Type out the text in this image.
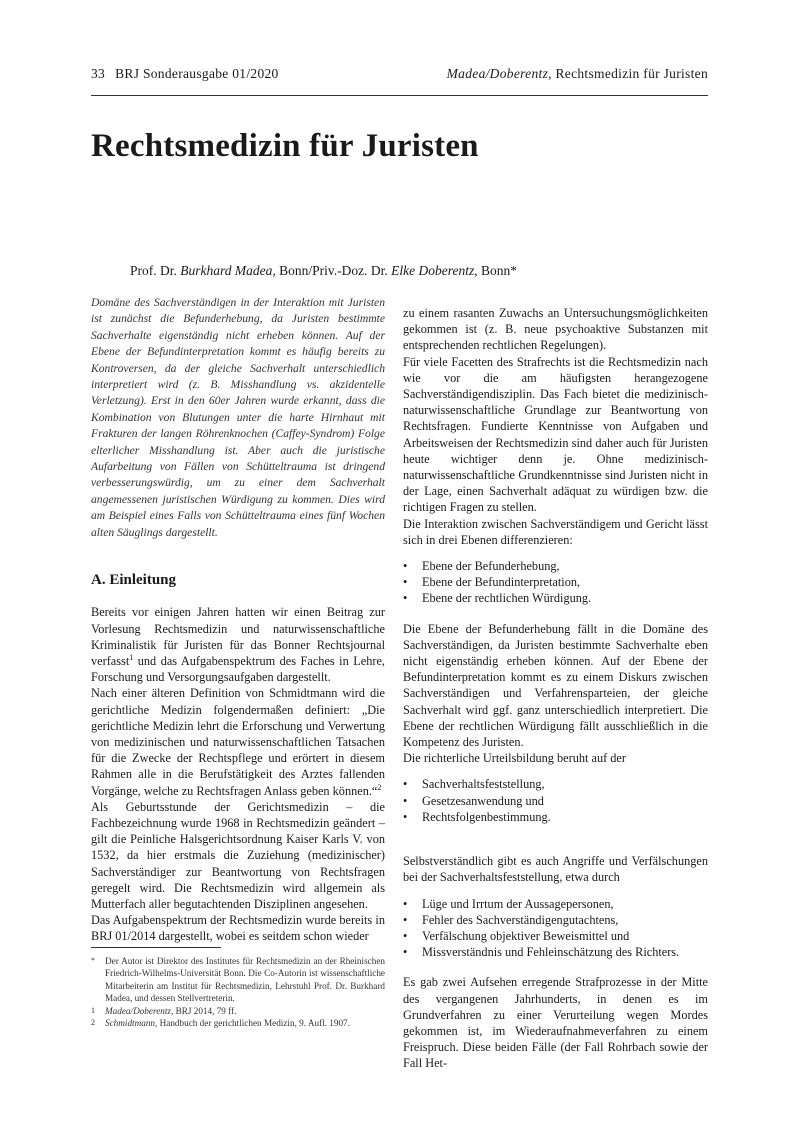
33 BRJ Sonderausgabe 01/2020	Madea/Doberentz, Rechtsmedizin für Juristen
Rechtsmedizin für Juristen
Prof. Dr. Burkhard Madea, Bonn/Priv.-Doz. Dr. Elke Doberentz, Bonn*

Domäne des Sachverständigen in der Interaktion mit Juristen ist zunächst die Befunderhebung, da Juristen bestimmte Sachverhalte eigenständig nicht erheben können. Auf der Ebene der Befundinterpretation kommt es häufig bereits zu Kontroversen, da der gleiche Sachverhalt unterschiedlich interpretiert wird (z. B. Misshandlung vs. akzidentelle Verletzung). Erst in den 60er Jahren wurde erkannt, dass die Kombination von Blutungen unter die harte Hirnhaut mit Frakturen der langen Röhrenknochen (Caffey-Syndrom) Folge elterlicher Misshandlung ist. Aber auch die juristische Aufarbeitung von Fällen von Schütteltrauma ist dringend verbesserungswürdig, um zu einer dem Sachverhalt angemessenen juristischen Würdigung zu kommen. Dies wird am Beispiel eines Falls von Schütteltrauma eines fünf Wochen alten Säuglings dargestellt.

A. Einleitung

Bereits vor einigen Jahren hatten wir einen Beitrag zur Vorlesung Rechtsmedizin und naturwissenschaftliche Kriminalistik für Juristen für das Bonner Rechtsjournal verfasst$^1$ und das Aufgabenspektrum des Faches in Lehre, Forschung und Versorgungsaufgaben dargestellt.

Nach einer älteren Definition von Schmidtmann wird die gerichtliche Medizin folgendermaßen definiert: „Die gerichtliche Medizin lehrt die Erforschung und Verwertung von medizinischen und naturwissenschaftlichen Tatsachen für die Zwecke der Rechtspflege und erörtert in diesem Rahmen alle in die Berufstätigkeit des Arztes fallenden Vorgänge, welche zu Rechtsfragen Anlass geben können.“$^2$

Als Geburtsstunde der Gerichtsmedizin – die Fachbezeichnung wurde 1968 in Rechtsmedizin geändert – gilt die Peinliche Halsgerichtsordnung Kaiser Karls V. von 1532, da hier erstmals die Zuziehung (medizinischer) Sachverständiger zur Beantwortung von Rechtsfragen geregelt wird. Die Rechtsmedizin wird allgemein als Mutterfach aller begutachtenden Disziplinen angesehen.

Das Aufgabenspektrum der Rechtsmedizin wurde bereits in BRJ 01/2014 dargestellt, wobei es seitdem schon wieder

zu einem rasanten Zuwachs an Untersuchungsmöglichkeiten gekommen ist (z. B. neue psychoaktive Substanzen mit entsprechenden rechtlichen Regelungen).

Für viele Facetten des Strafrechts ist die Rechtsmedizin nach wie vor die am häufigsten herangezogene Sachverständigendisziplin. Das Fach bietet die medizinisch-naturwissenschaftliche Grundlage zur Beantwortung von Rechtsfragen. Fundierte Kenntnisse von Aufgaben und Arbeitsweisen der Rechtsmedizin sind daher auch für Juristen heute wichtiger denn je. Ohne medizinisch-naturwissenschaftliche Grundkenntnisse sind Juristen nicht in der Lage, einen Sachverhalt adäquat zu würdigen bzw. die richtigen Fragen zu stellen.

Die Interaktion zwischen Sachverständigem und Gericht lässt sich in drei Ebenen differenzieren:

• Ebene der Befunderhebung,
• Ebene der Befundinterpretation,
• Ebene der rechtlichen Würdigung.

Die Ebene der Befunderhebung fällt in die Domäne des Sachverständigen, da Juristen bestimmte Sachverhalte eben nicht eigenständig erheben können. Auf der Ebene der Befundinterpretation kommt es zu einem Diskurs zwischen Sachverständigen und Verfahrensparteien, der gleiche Sachverhalt wird ggf. ganz unterschiedlich interpretiert. Die Ebene der rechtlichen Würdigung fällt ausschließlich in die Kompetenz des Juristen.

Die richterliche Urteilsbildung beruht auf der

• Sachverhaltsfeststellung,
• Gesetzesanwendung und
• Rechtsfolgenbestimmung.

Selbstverständlich gibt es auch Angriffe und Verfälschungen bei der Sachverhaltsfeststellung, etwa durch

• Lüge und Irrtum der Aussagepersonen,
• Fehler des Sachverständigengutachtens,
• Verfälschung objektiver Beweismittel und
• Missverständnis und Fehleinschätzung des Richters.

Es gab zwei Aufsehen erregende Strafprozesse in der Mitte des vergangenen Jahrhunderts, in denen es im Grundverfahren zu einer Verurteilung wegen Mordes gekommen ist, im Wiederaufnahmeverfahren zu einem Freispruch. Diese beiden Fälle (der Fall Rohrbach sowie der Fall Het-

* Der Autor ist Direktor des Institutes für Rechtsmedizin an der Rheinischen Friedrich-Wilhelms-Universität Bonn. Die Co-Autorin ist wissenschaftliche Mitarbeiterin am Institut für Rechtsmedizin, Lehrstuhl Prof. Dr. Burkhard Madea, und dessen Stellvertreterin.
1 Madea/Doberentz, BRJ 2014, 79 ff.
2 Schmidtmann, Handbuch der gerichtlichen Medizin, 9. Aufl. 1907.
